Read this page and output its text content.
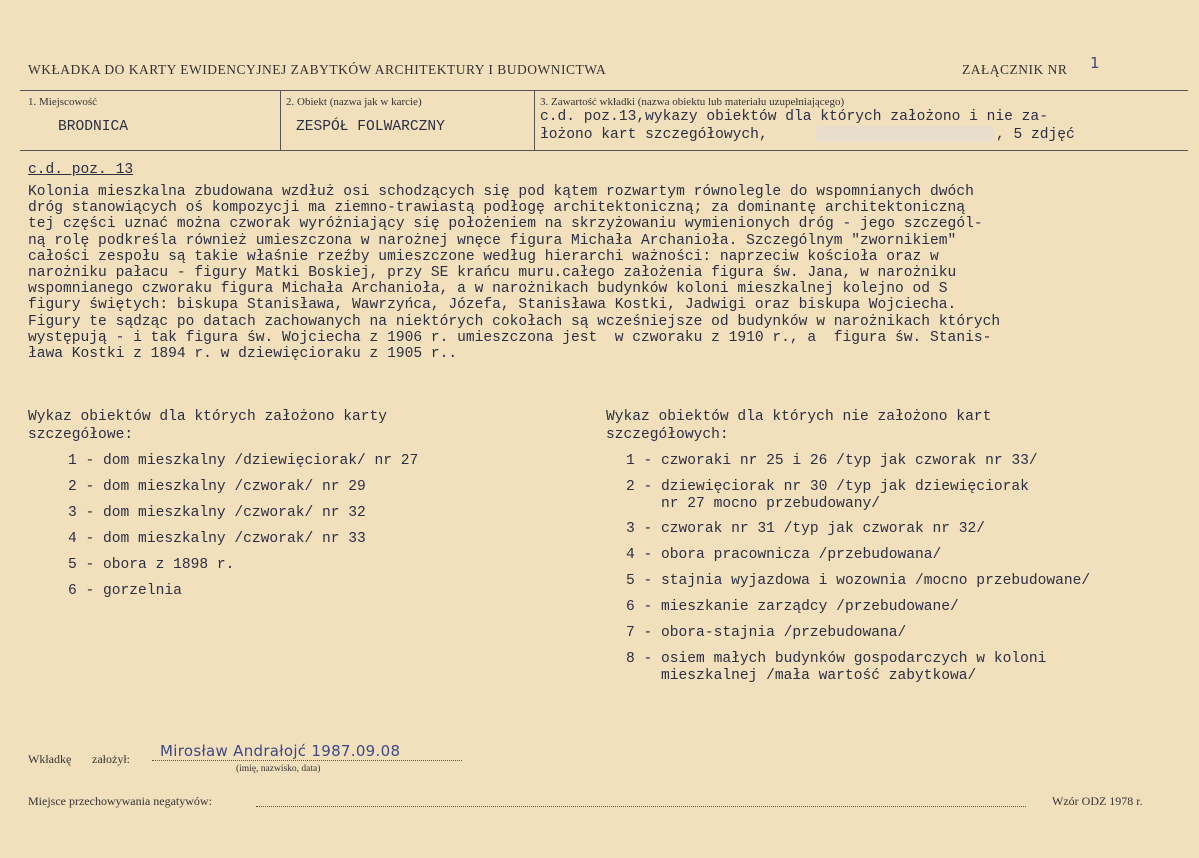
WKŁADKA DO KARTY EWIDENCYJNEJ ZABYTKÓW ARCHITEKTURY I BUDOWNICTWA	ZAŁĄCZNIK NR 1
1. Miejscowość
BRODNICA
2. Obiekt (nazwa jak w karcie)
ZESPÓŁ FOLWARCZNY
3. Zawartość wkładki (nazwa obiektu lub materiału uzupełniającego)
c.d. poz.13,wykazy obiektów dla których założono i nie za-
łożono kart szczegółowych,	, 5 zdjęć
c.d. poz. 13
Kolonia mieszkalna zbudowana wzdłuż osi schodzących się pod kątem rozwartym równolegle do wspomnianych dwóch
dróg stanowiących oś kompozycji ma ziemno-trawiastą podłogę architektoniczną; za dominantę architektoniczną
tej części uznać można czworak wyróżniający się położeniem na skrzyżowaniu wymienionych dróg - jego szczegól-
ną rolę podkreśla również umieszczona w narożnej wnęce figura Michała Archanioła. Szczególnym "zwornikiem"
całości zespołu są takie właśnie rzeźby umieszczone według hierarchi ważności: naprzeciw kościoła oraz w
narożniku pałacu - figury Matki Boskiej, przy SE krańcu muru.całego założenia figura św. Jana, w narożniku
wspomnianego czworaku figura Michała Archanioła, a w narożnikach budynków koloni mieszkalnej kolejno od S
figury świętych: biskupa Stanisława, Wawrzyńca, Józefa, Stanisława Kostki, Jadwigi oraz biskupa Wojciecha.
Figury te sądząc po datach zachowanych na niektórych cokołach są wcześniejsze od budynków w narożnikach których
występują - i tak figura św. Wojciecha z 1906 r. umieszczona jest  w czworaku z 1910 r., a  figura św. Stanis-
ława Kostki z 1894 r. w dziewięcioraku z 1905 r..
Wykaz obiektów dla których założono karty
szczegółowe:
1 - dom mieszkalny /dziewięciorak/ nr 27
2 - dom mieszkalny /czworak/ nr 29
3 - dom mieszkalny /czworak/ nr 32
4 - dom mieszkalny /czworak/ nr 33
5 - obora z 1898 r.
6 - gorzelnia
Wykaz obiektów dla których nie założono kart
szczegółowych:
1 - czworaki nr 25 i 26 /typ jak czworak nr 33/
2 - dziewięciorak nr 30 /typ jak dziewięciorak
nr 27 mocno przebudowany/
3 - czworak nr 31 /typ jak czworak nr 32/
4 - obora pracownicza /przebudowana/
5 - stajnia wyjazdowa i wozownia /mocno przebudowane/
6 - mieszkanie zarządcy /przebudowane/
7 - obora-stajnia /przebudowana/
8 - osiem małych budynków gospodarczych w koloni
mieszkalnej /mała wartość zabytkowa/
Wkładkę założył: Mirosław Andrałojć 1987.09.08
(imię, nazwisko, data)
Miejsce przechowywania negatywów:	Wzór ODZ 1978 r.
